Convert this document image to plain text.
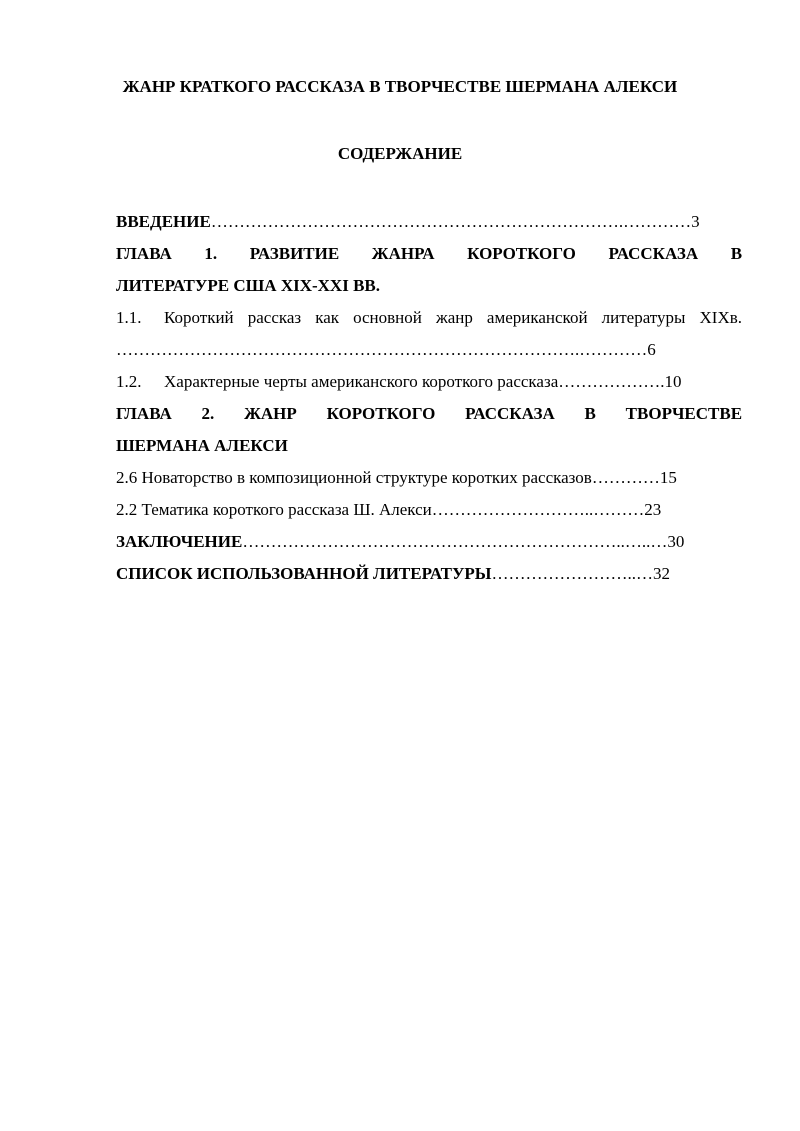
ЖАНР КРАТКОГО РАССКАЗА В ТВОРЧЕСТВЕ ШЕРМАНА АЛЕКСИ
СОДЕРЖАНИЕ
ВВЕДЕНИЕ……………………………………………………………….…………3
ГЛАВА 1. РАЗВИТИЕ ЖАНРА КОРОТКОГО РАССКАЗА В
ЛИТЕРАТУРЕ США XIX-XXI ВВ.
1.1. Короткий рассказ как основной жанр американской литературы XIXв.
……………………………………………………………………….…………6
1.2. Характерные черты американского короткого рассказа……………….10
ГЛАВА 2. ЖАНР КОРОТКОГО РАССКАЗА В ТВОРЧЕСТВЕ
ШЕРМАНА АЛЕКСИ
2.6 Новаторство в композиционной структуре коротких рассказов…………15
2.2 Тематика короткого рассказа Ш. Алекси………………………..………23
ЗАКЛЮЧЕНИЕ…………………………………………………………..…..…30
СПИСОК ИСПОЛЬЗОВАННОЙ ЛИТЕРАТУРЫ……………………..…32
